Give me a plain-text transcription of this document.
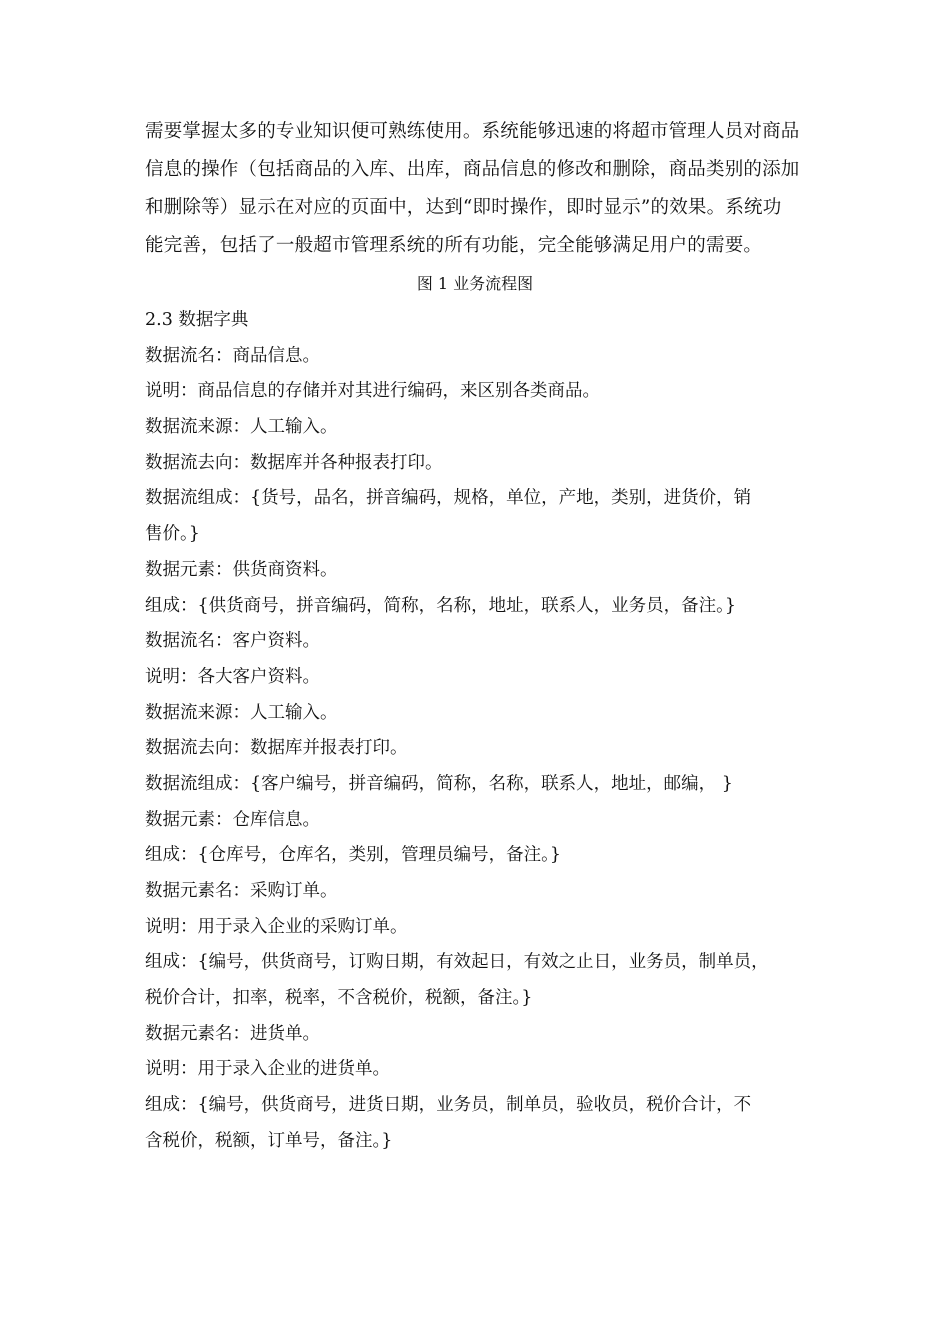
需要掌握太多的专业知识便可熟练使用。系统能够迅速的将超市管理人员对商品
信息的操作（包括商品的入库、出库，商品信息的修改和删除，商品类别的添加
和删除等）显示在对应的页面中，达到“即时操作，即时显示”的效果。系统功
能完善，包括了一般超市管理系统的所有功能，完全能够满足用户的需要。

图 1 业务流程图
2.3 数据字典
数据流名：商品信息。
说明：商品信息的存储并对其进行编码，来区别各类商品。
数据流来源：人工输入。
数据流去向：数据库并各种报表打印。
数据流组成：{货号，品名，拼音编码，规格，单位，产地，类别，进货价，销
售价。}
数据元素：供货商资料。
组成：{供货商号，拼音编码，简称，名称，地址，联系人，业务员，备注。}
数据流名：客户资料。
说明：各大客户资料。
数据流来源：人工输入。
数据流去向：数据库并报表打印。
数据流组成：{客户编号，拼音编码，简称，名称，联系人，地址，邮编， }
数据元素：仓库信息。
组成：{仓库号，仓库名，类别，管理员编号，备注。}
数据元素名：采购订单。
说明：用于录入企业的采购订单。
组成：{编号，供货商号，订购日期，有效起日，有效之止日，业务员，制单员，
税价合计，扣率，税率，不含税价，税额，备注。}
数据元素名：进货单。
说明：用于录入企业的进货单。
组成：{编号，供货商号，进货日期，业务员，制单员，验收员，税价合计，不
含税价，税额，订单号，备注。}
